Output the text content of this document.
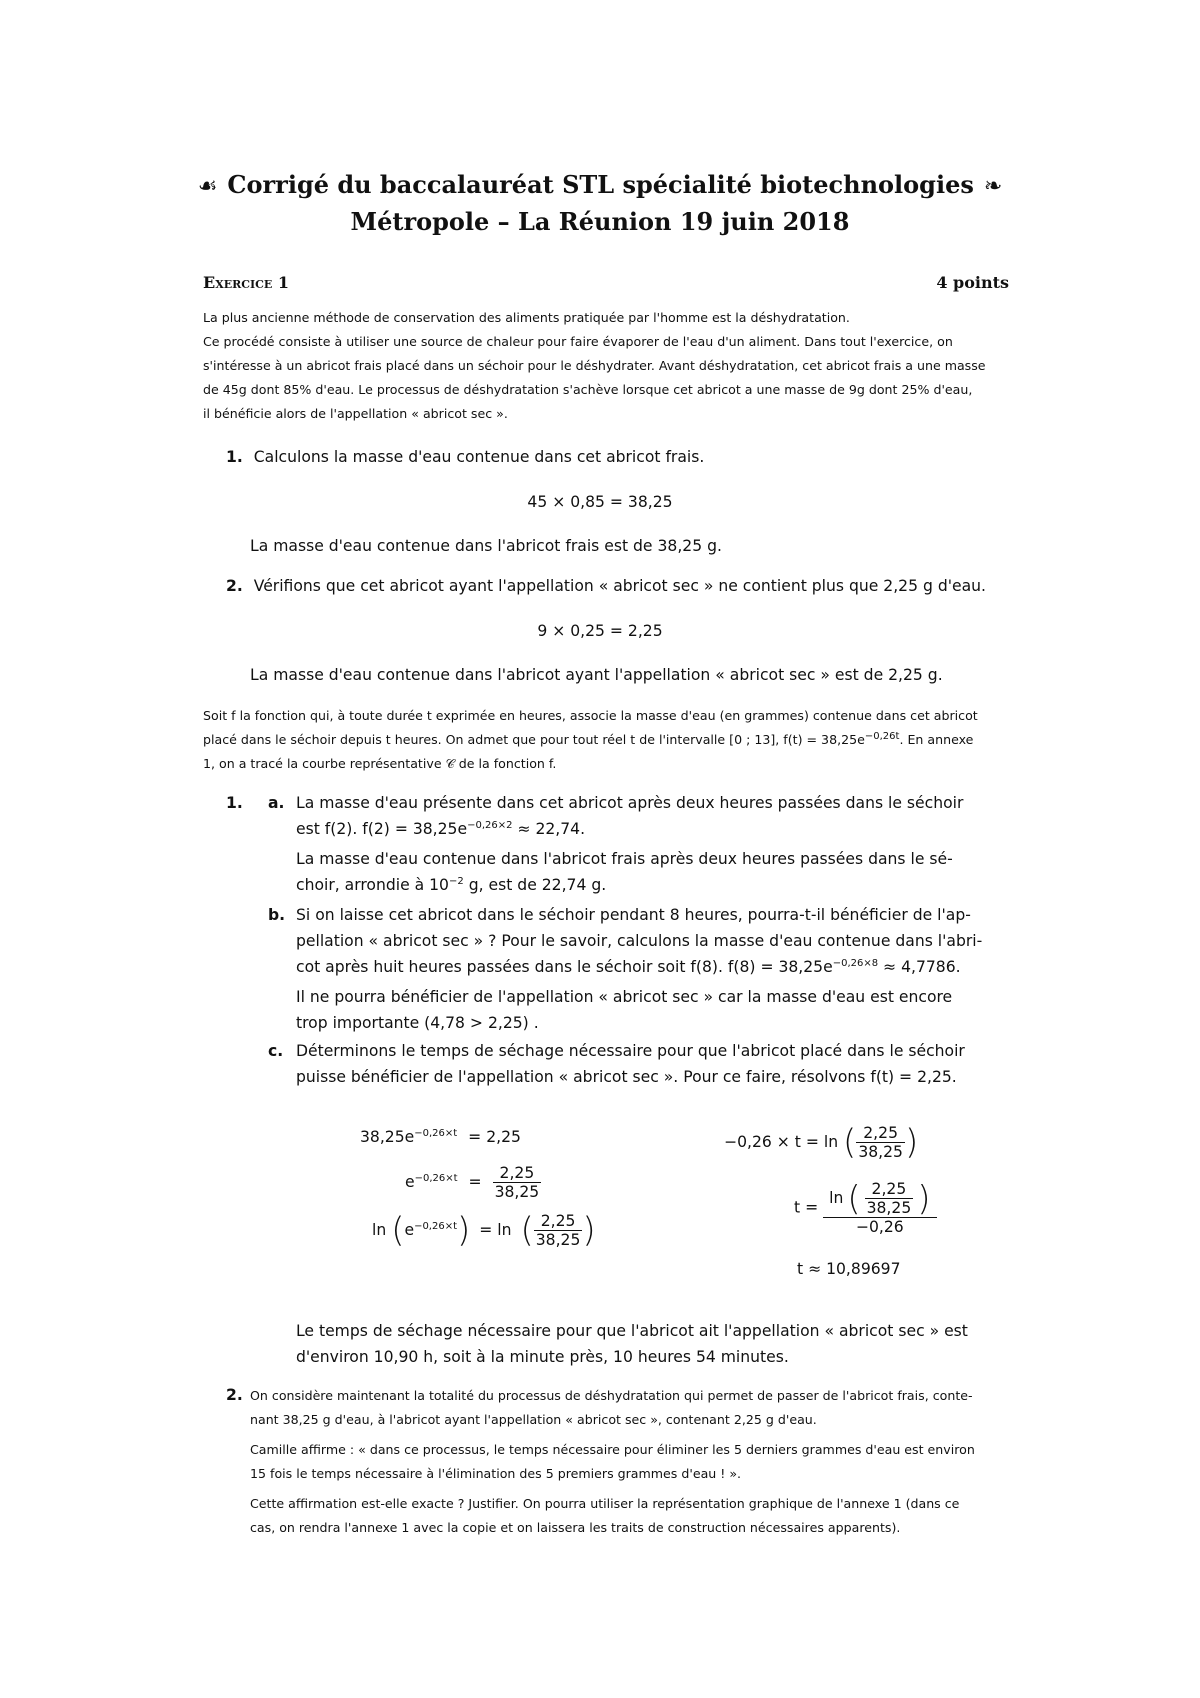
☙ Corrigé du baccalauréat STL spécialité biotechnologies ❧
Métropole – La Réunion 19 juin 2018
Exercice 1	4 points
La plus ancienne méthode de conservation des aliments pratiquée par l'homme est la déshydratation.
Ce procédé consiste à utiliser une source de chaleur pour faire évaporer de l'eau d'un aliment. Dans tout l'exercice, on
s'intéresse à un abricot frais placé dans un séchoir pour le déshydrater. Avant déshydratation, cet abricot frais a une masse
de 45g dont 85% d'eau. Le processus de déshydratation s'achève lorsque cet abricot a une masse de 9g dont 25% d'eau,
il bénéficie alors de l'appellation « abricot sec ».
1. Calculons la masse d'eau contenue dans cet abricot frais.
45 × 0,85 = 38,25
La masse d'eau contenue dans l'abricot frais est de 38,25 g.
2. Vérifions que cet abricot ayant l'appellation « abricot sec » ne contient plus que 2,25 g d'eau.
9 × 0,25 = 2,25
La masse d'eau contenue dans l'abricot ayant l'appellation « abricot sec » est de 2,25 g.
Soit f la fonction qui, à toute durée t exprimée en heures, associe la masse d'eau (en grammes) contenue dans cet abricot
placé dans le séchoir depuis t heures. On admet que pour tout réel t de l'intervalle [0 ; 13], $f(t) = 38,25e^{-0,26t}$. En annexe
1, on a tracé la courbe représentative 𝒞 de la fonction f.
1. a. La masse d'eau présente dans cet abricot après deux heures passées dans le séchoir
est f(2). $f(2) = 38,25e^{-0,26\times 2} \approx 22,74$.
La masse d'eau contenue dans l'abricot frais après deux heures passées dans le sé-
choir, arrondie à $10^{-2}$ g, est de 22,74 g.
b. Si on laisse cet abricot dans le séchoir pendant 8 heures, pourra-t-il bénéficier de l'ap-
pellation « abricot sec » ? Pour le savoir, calculons la masse d'eau contenue dans l'abri-
cot après huit heures passées dans le séchoir soit f(8). $f(8) = 38,25e^{-0,26\times 8} \approx 4,7786$.
Il ne pourra bénéficier de l'appellation « abricot sec » car la masse d'eau est encore
trop importante (4,78 > 2,25) .
c. Déterminons le temps de séchage nécessaire pour que l'abricot placé dans le séchoir
puisse bénéficier de l'appellation « abricot sec ». Pour ce faire, résolvons f(t) = 2,25.
$38,25e^{-0,26\times t} = 2,25$
$e^{-0,26\times t} = \frac{2,25}{38,25}$
$\ln (e^{-0,26\times t}) = \ln$ ( $\frac{2,25}{38,25}$ )
−0,26 × t = ln ( $\frac{2,25}{38,25}$ )
$t = \frac{\ln ( \frac{2,25}{38,25} )}{-0,26}$
t ≈ 10,89697
Le temps de séchage nécessaire pour que l'abricot ait l'appellation « abricot sec » est
d'environ 10,90 h, soit à la minute près, 10 heures 54 minutes.
2. On considère maintenant la totalité du processus de déshydratation qui permet de passer de l'abricot frais, conte-
nant 38,25 g d'eau, à l'abricot ayant l'appellation « abricot sec », contenant 2,25 g d'eau.
Camille affirme : « dans ce processus, le temps nécessaire pour éliminer les 5 derniers grammes d'eau est environ
15 fois le temps nécessaire à l'élimination des 5 premiers grammes d'eau ! ».
Cette affirmation est-elle exacte ? Justifier. On pourra utiliser la représentation graphique de l'annexe 1 (dans ce
cas, on rendra l'annexe 1 avec la copie et on laissera les traits de construction nécessaires apparents).
